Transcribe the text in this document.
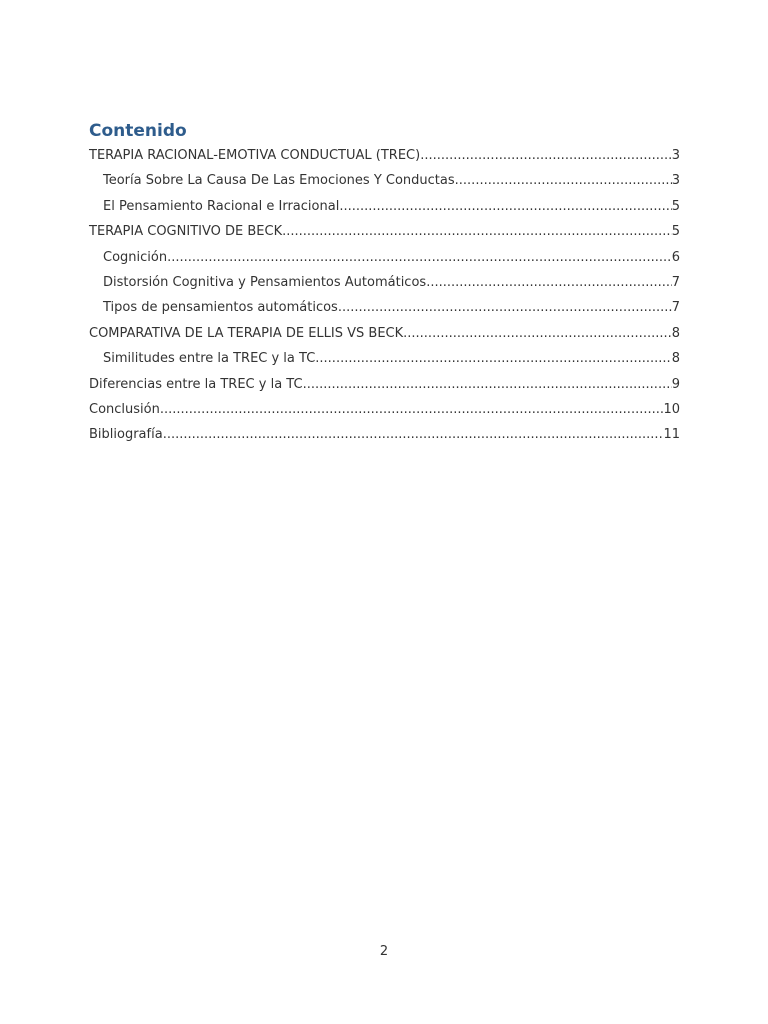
Contenido
TERAPIA RACIONAL-EMOTIVA CONDUCTUAL (TREC) .....	3
Teoría Sobre La Causa De Las Emociones Y Conductas .....	3
El Pensamiento Racional e Irracional .....	5
TERAPIA COGNITIVO DE BECK .....	5
Cognición .....	6
Distorsión Cognitiva y Pensamientos Automáticos .....	7
Tipos de pensamientos automáticos .....	7
COMPARATIVA DE LA TERAPIA DE ELLIS VS BECK .....	8
Similitudes entre la TREC y la TC .....	8
Diferencias entre la TREC y la TC .....	9
Conclusión .....	10
Bibliografía .....	11
2
